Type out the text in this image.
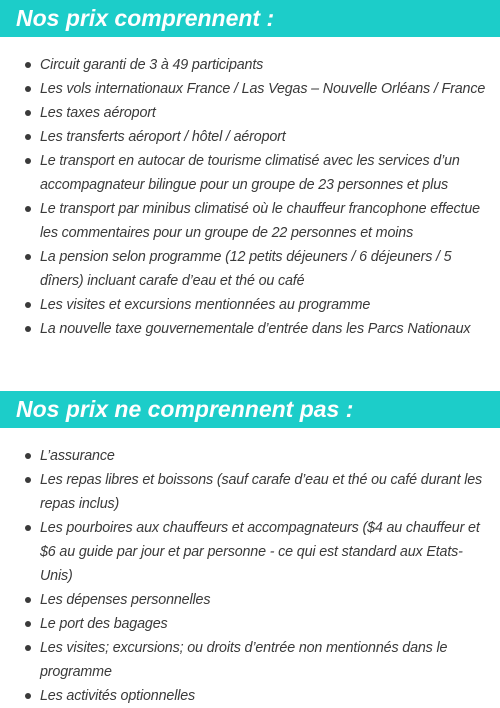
Nos prix comprennent :
Circuit garanti de 3 à 49 participants
Les vols internationaux France / Las Vegas – Nouvelle Orléans / France
Les taxes aéroport
Les transferts aéroport / hôtel / aéroport
Le transport en autocar de tourisme climatisé avec les services d’un accompagnateur bilingue pour un groupe de 23 personnes et plus
Le transport par minibus climatisé où le chauffeur francophone effectue les commentaires pour un groupe de 22 personnes et moins
La pension selon programme (12 petits déjeuners / 6 déjeuners / 5 dîners) incluant carafe d’eau et thé ou café
Les visites et excursions mentionnées au programme
La nouvelle taxe gouvernementale d’entrée dans les Parcs Nationaux
Nos prix ne comprennent pas :
L’assurance
Les repas libres et boissons (sauf carafe d’eau et thé ou café durant les repas inclus)
Les pourboires aux chauffeurs et accompagnateurs ($4 au chauffeur et $6 au guide par jour et par personne - ce qui est standard aux Etats-Unis)
Les dépenses personnelles
Le port des bagages
Les visites; excursions; ou droits d’entrée non mentionnés dans le programme
Les activités optionnelles
